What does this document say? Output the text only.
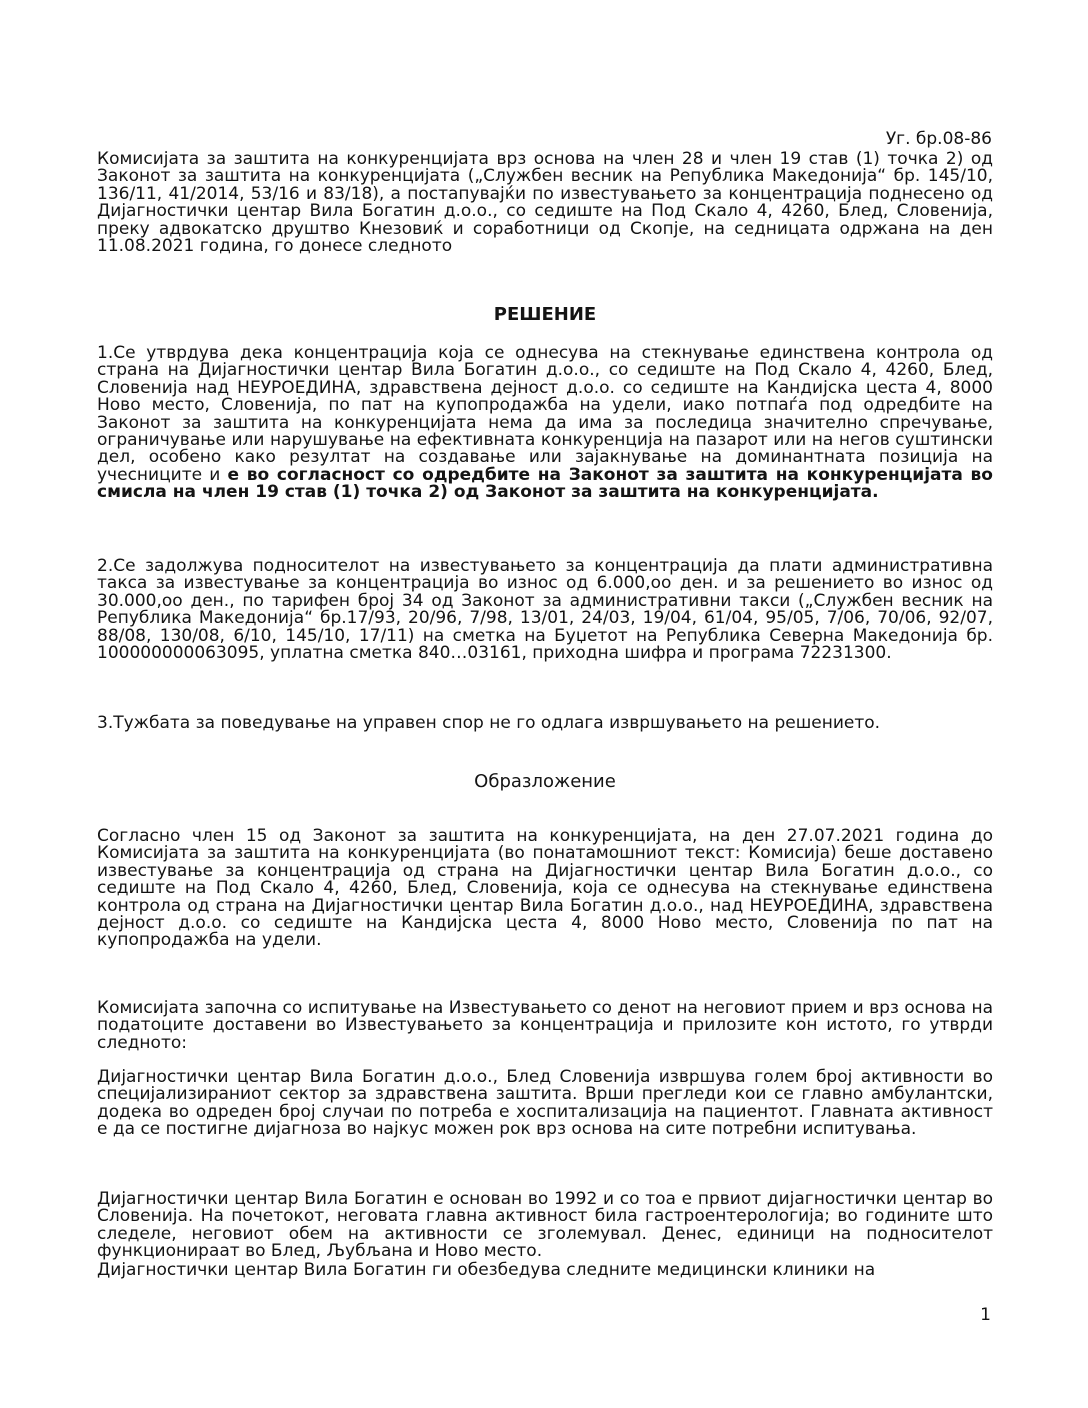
Уг. бр.08-86

Комисијата за заштита на конкуренцијата врз основа на член 28 и член 19 став (1) точка 2) од Законот за заштита на конкуренцијата („Службен весник на Република Македонија“ бр. 145/10, 136/11, 41/2014, 53/16 и 83/18), а постапувајќи по известувањето за концентрација поднесено од Дијагностички центар Вила Богатин д.о.о., со седиште на Под Скало 4, 4260, Блед, Словенија, преку адвокатско друштво Кнезовиќ и соработници од Скопје, на седницата одржана на ден 11.08.2021 година, го донесе следното

РЕШЕНИЕ

1.Се утврдува дека концентрација која се однесува на стекнување единствена контрола од страна на Дијагностички центар Вила Богатин д.о.о., со седиште на Под Скало 4, 4260, Блед, Словенија над НЕУРОЕДИНА, здравствена дејност д.о.о. со седиште на Кандијска цеста 4, 8000 Ново место, Словенија, по пат на купопродажба на удели, иако потпаѓа под одредбите на Законот за заштита на конкуренцијата нема да има за последица значително спречување, ограничување или нарушување на ефективната конкуренција на пазарот или на негов суштински дел, особено како резултат на создавање или зајакнување на доминантната позиција на учесниците и е во согласност со одредбите на Законот за заштита на конкуренцијата во смисла на член 19 став (1) точка 2) од Законот за заштита на конкуренцијата.

2.Се задолжува подносителот на известувањето за концентрација да плати административна такса за известување за концентрација во износ од 6.000,оо ден. и за решението во износ од 30.000,оо ден., по тарифен број 34 од Законот за административни такси („Службен весник на Република Македонија“ бр.17/93, 20/96, 7/98, 13/01, 24/03, 19/04, 61/04, 95/05, 7/06, 70/06, 92/07, 88/08, 130/08, 6/10, 145/10, 17/11) на сметка на Буџетот на Република Северна Македонија бр. 100000000063095, уплатна сметка 840…03161, приходна шифра и програма 72231300.

3.Тужбата за поведување на управен спор не го одлага извршувањето на решението.

Образложение

Согласно член 15 од Законот за заштита на конкуренцијата, на ден 27.07.2021 година до Комисијата за заштита на конкуренцијата (во понатамошниот текст: Комисија) беше доставено известување за концентрација од страна на Дијагностички центар Вила Богатин д.о.о., со седиште на Под Скало 4, 4260, Блед, Словенија, која се однесува на стекнување единствена контрола од страна на Дијагностички центар Вила Богатин д.о.о., над НЕУРОЕДИНА, здравствена дејност д.о.о. со седиште на Кандијска цеста 4, 8000 Ново место, Словенија по пат на купопродажба на удели.

Комисијата започна со испитување на Известувањето со денот на неговиот прием и врз основа на податоците доставени во Известувањето за концентрација и прилозите кон истото, го утврди следното:

Дијагностички центар Вила Богатин д.о.о., Блед Словенија извршува голем број активности во специјализираниот сектор за здравствена заштита. Врши прегледи кои се главно амбулантски, додека во одреден број случаи по потреба е хоспитализација на пациентот. Главната активност е да се постигне дијагноза во најкус можен рок врз основа на сите потребни испитувања.

Дијагностички центар Вила Богатин е основан во 1992 и со тоа е првиот дијагностички центар во Словенија. На почетокот, неговата главна активност била гастроентерологија; во годините што следеле, неговиот обем на активности се зголемувал. Денес, единици на подносителот функционираат во Блед, Љубљана и Ново место.

Дијагностички центар Вила Богатин ги обезбедува следните медицински клиники на

1
